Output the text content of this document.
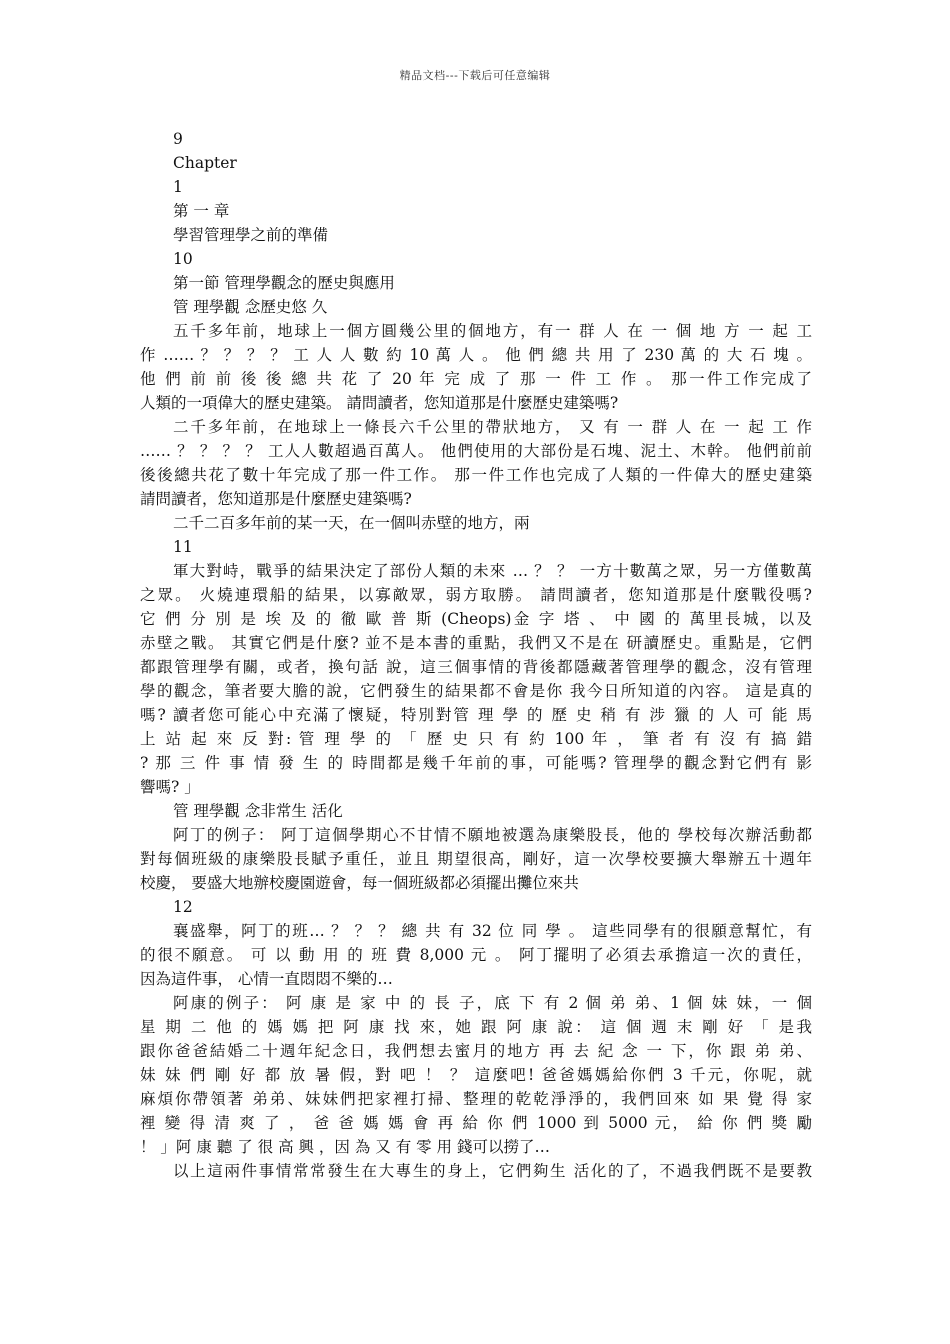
精品文档---下载后可任意编辑

9

Chapter

1

第 一 章

學習管理學之前的準備

10

第一節 管理學觀念的歷史與應用

管 理學觀 念歷史悠 久

五千多年前，地球上一個方圓幾公里的個地方，有一 群 人 在 一 個 地 方 一 起 工

作 …… ？ ？ ？ ？ 工 人 人 數 約 10 萬 人 。 他 們 總 共 用 了 230 萬 的 大 石 塊 。

他 們 前 前 後 後 總 共 花 了 20 年 完 成 了 那 一 件 工 作 。 那一件工作完成了

人類的一項偉大的歷史建築。 請問讀者，您知道那是什麼歷史建築嗎?

二千多年前，在地球上一條長六千公里的帶狀地方， 又 有 一 群 人 在 一 起 工 作

…… ？ ？ ？ ？ 工人人數超過百萬人。 他們使用的大部份是石塊、泥土、木幹。 他們前前

後後總共花了數十年完成了那一件工作。 那一件工作也完成了人類的一件偉大的歷史建築

請問讀者，您知道那是什麼歷史建築嗎?

二千二百多年前的某一天，在一個叫赤壁的地方，兩

11

軍大對峙，戰爭的結果決定了部份人類的未來 … ？ ？ 一方十數萬之眾，另一方僅數萬

之眾。 火燒連環船的結果，以寡敵眾，弱方取勝。 請問讀者，您知道那是什麼戰役嗎?

它 們 分 別 是 埃 及 的 徹 歐 普 斯 (Cheops)金 字 塔 、 中 國 的 萬里長城，以及

赤壁之戰。 其實它們是什麼? 並不是本書的重點，我們又不是在 研讀歷史。重點是，它們

都跟管理學有關，或者，換句話 說，這三個事情的背後都隱藏著管理學的觀念，沒有管理

學的觀念，筆者要大膽的說，它們發生的結果都不會是你 我今日所知道的內容。 這是真的

嗎? 讀者您可能心中充滿了懷疑，特別對管 理 學 的 歷 史 稍 有 涉 獵 的 人 可 能 馬

上 站 起 來 反 對: 管 理 學 的 「 歷 史 只 有 約 100 年 ， 筆 者 有 沒 有 搞 錯

? 那 三 件 事 情 發 生 的 時間都是幾千年前的事，可能嗎? 管理學的觀念對它們有 影

響嗎? 」

管 理學觀 念非常生 活化

阿丁的例子： 阿丁這個學期心不甘情不願地被選為康樂股長，他的 學校每次辦活動都

對每個班級的康樂股長賦予重任，並且 期望很高，剛好，這一次學校要擴大舉辦五十週年

校慶， 要盛大地辦校慶園遊會，每一個班級都必須擺出攤位來共

12

襄盛舉，阿丁的班… ？ ？ ？ 總 共 有 32 位 同 學 。 這些同學有的很願意幫忙，有

的很不願意。 可 以 動 用 的 班 費 8,000 元 。 阿丁擺明了必須去承擔這一次的責任，

因為這件事， 心情一直悶悶不樂的…

阿康的例子： 阿 康 是 家 中 的 長 子，底 下 有 2 個 弟 弟、1 個 妹 妹，一 個

星 期 二 他 的 媽 媽 把 阿 康 找 來，她 跟 阿 康 說： 這 個 週 末 剛 好 「 是我

跟你爸爸結婚二十週年紀念日，我們想去蜜月的地方 再 去 紀 念 一 下，你 跟 弟 弟、

妹 妹 們 剛 好 都 放 暑 假，對 吧 ！ ？ 這麼吧! 爸爸媽媽給你們 3 千元，你呢，就

麻煩你帶領著 弟弟、妹妹們把家裡打掃、整理的乾乾淨淨的，我們回來 如 果 覺 得 家

裡 變 得 清 爽 了 ， 爸 爸 媽 媽 會 再 給 你 們 1000 到 5000 元， 給 你 們 獎 勵

！ 」阿 康 聽 了 很 高 興 ，因 為 又 有 零 用 錢可以撈了…

以上這兩件事情常常發生在大專生的身上，它們夠生 活化的了，不過我們既不是要教
